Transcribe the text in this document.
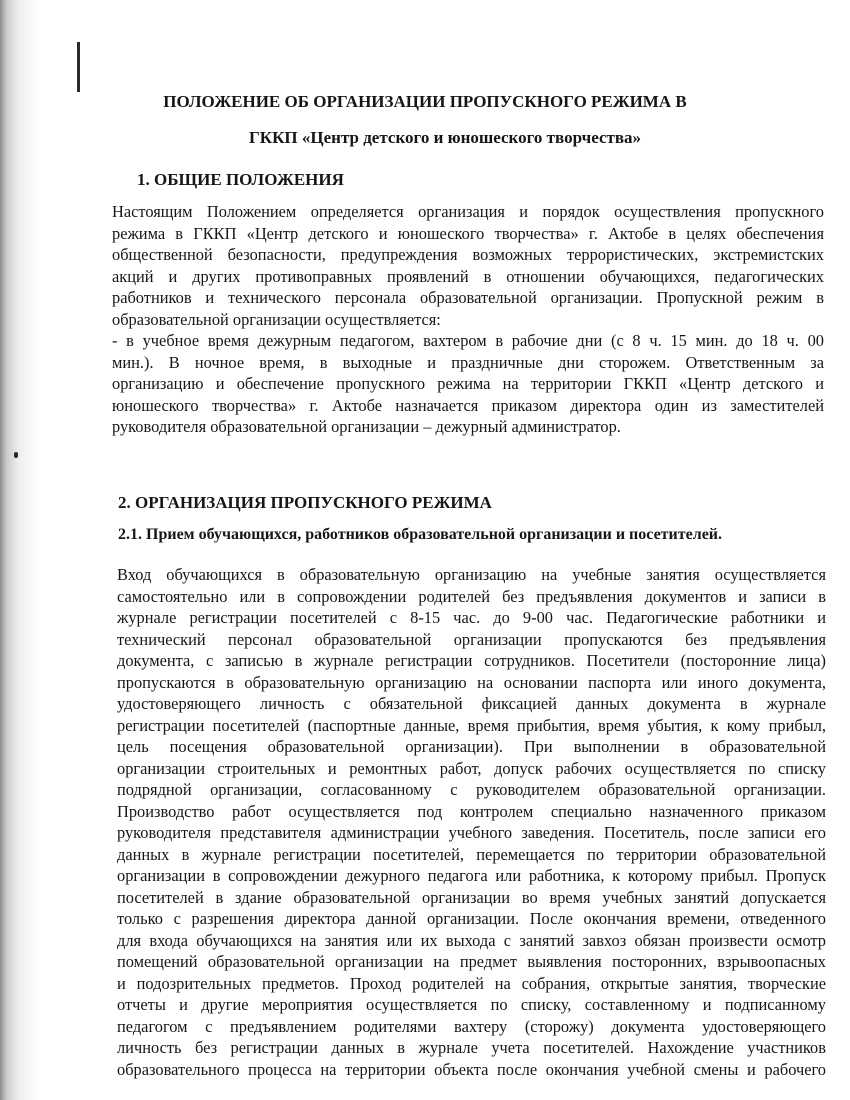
ПОЛОЖЕНИЕ ОБ ОРГАНИЗАЦИИ ПРОПУСКНОГО РЕЖИМА В
ГККП «Центр детского и юношеского творчества»
1. ОБЩИЕ ПОЛОЖЕНИЯ
Настоящим Положением определяется организация и порядок осуществления пропускного
режима в ГККП «Центр детского и юношеского творчества» г. Актобе в целях обеспечения
общественной безопасности, предупреждения возможных террористических, экстремистских
акций и других противоправных проявлений в отношении обучающихся, педагогических
работников и технического персонала образовательной организации. Пропускной режим в
образовательной организации осуществляется:
- в учебное время дежурным педагогом, вахтером в рабочие дни (с 8 ч. 15 мин. до 18 ч. 00
мин.). В ночное время, в выходные и праздничные дни сторожем. Ответственным за
организацию и обеспечение пропускного режима на территории ГККП «Центр детского и
юношеского творчества» г. Актобе назначается приказом директора один из заместителей
руководителя образовательной организации – дежурный администратор.
2. ОРГАНИЗАЦИЯ ПРОПУСКНОГО РЕЖИМА
2.1. Прием обучающихся, работников образовательной организации и посетителей.
Вход обучающихся в образовательную организацию на учебные занятия осуществляется
самостоятельно или в сопровождении родителей без предъявления документов и записи в
журнале регистрации посетителей с 8-15 час. до 9-00 час. Педагогические работники и
технический персонал образовательной организации пропускаются без предъявления
документа, с записью в журнале регистрации сотрудников. Посетители (посторонние лица)
пропускаются в образовательную организацию на основании паспорта или иного документа,
удостоверяющего личность с обязательной фиксацией данных документа в журнале
регистрации посетителей (паспортные данные, время прибытия, время убытия, к кому прибыл,
цель посещения образовательной организации). При выполнении в образовательной
организации строительных и ремонтных работ, допуск рабочих осуществляется по списку
подрядной организации, согласованному с руководителем образовательной организации.
Производство работ осуществляется под контролем специально назначенного приказом
руководителя представителя администрации учебного заведения. Посетитель, после записи его
данных в журнале регистрации посетителей, перемещается по территории образовательной
организации в сопровождении дежурного педагога или работника, к которому прибыл. Пропуск
посетителей в здание образовательной организации во время учебных занятий допускается
только с разрешения директора данной организации. После окончания времени, отведенного
для входа обучающихся на занятия или их выхода с занятий завхоз обязан произвести осмотр
помещений образовательной организации на предмет выявления посторонних, взрывоопасных
и подозрительных предметов. Проход родителей на собрания, открытые занятия, творческие
отчеты и другие мероприятия осуществляется по списку, составленному и подписанному
педагогом с предъявлением родителями вахтеру (сторожу) документа удостоверяющего
личность без регистрации данных в журнале учета посетителей. Нахождение участников
образовательного процесса на территории объекта после окончания учебной смены и рабочего
